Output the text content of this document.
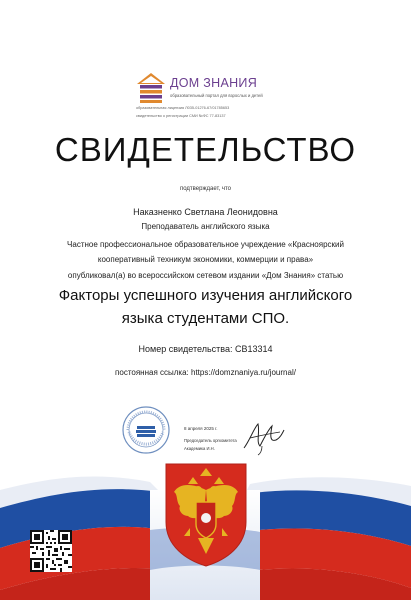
ДОМ ЗНАНИЯ
образовательный портал для взрослых и детей
образовательная лицензия Л035-01276-67/01785653
свидетельство о регистрации СМИ №ФС 77-83137
СВИДЕТЕЛЬСТВО
подтверждает, что
Наказненко Светлана Леонидовна
Преподаватель английского языка
Частное профессиональное образовательное учреждение «Красноярский
кооперативный техникум экономики, коммерции и права»
опубликовал(а) во всероссийском сетевом издании «Дом Знания» статью
Факторы успешного изучения английского
языка студентами СПО.
Номер свидетельства: СВ13314
постоянная ссылка: https://domznaniya.ru/journal/
8 апреля 2025 г.
Председатель оргкомитета
Академика И.Н.
